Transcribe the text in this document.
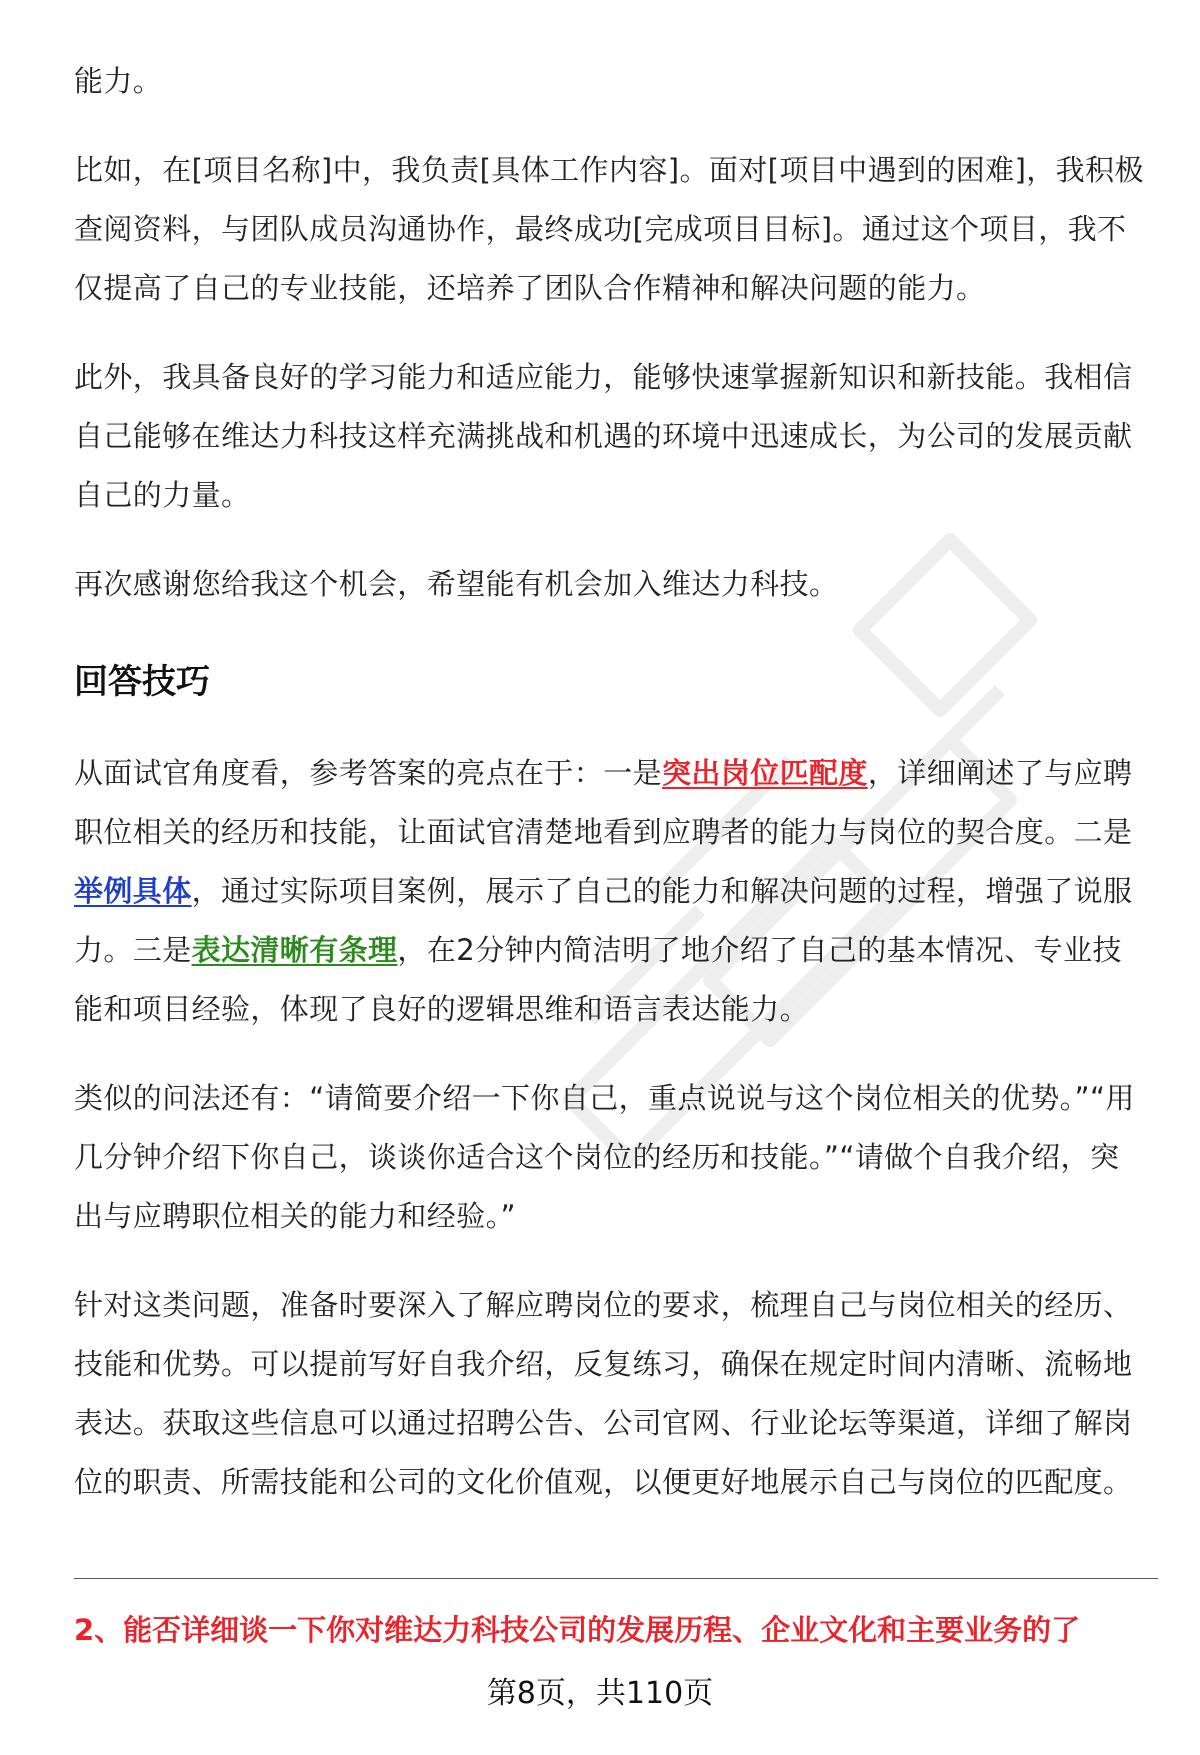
能力。

比如，在[项目名称]中，我负责[具体工作内容]。面对[项目中遇到的困难]，我积极查阅资料，与团队成员沟通协作，最终成功[完成项目目标]。通过这个项目，我不仅提高了自己的专业技能，还培养了团队合作精神和解决问题的能力。

此外，我具备良好的学习能力和适应能力，能够快速掌握新知识和新技能。我相信自己能够在维达力科技这样充满挑战和机遇的环境中迅速成长，为公司的发展贡献自己的力量。

再次感谢您给我这个机会，希望能有机会加入维达力科技。

回答技巧

从面试官角度看，参考答案的亮点在于：一是突出岗位匹配度，详细阐述了与应聘职位相关的经历和技能，让面试官清楚地看到应聘者的能力与岗位的契合度。二是举例具体，通过实际项目案例，展示了自己的能力和解决问题的过程，增强了说服力。三是表达清晰有条理，在2分钟内简洁明了地介绍了自己的基本情况、专业技能和项目经验，体现了良好的逻辑思维和语言表达能力。

类似的问法还有：“请简要介绍一下你自己，重点说说与这个岗位相关的优势。”“用几分钟介绍下你自己，谈谈你适合这个岗位的经历和技能。”“请做个自我介绍，突出与应聘职位相关的能力和经验。”

针对这类问题，准备时要深入了解应聘岗位的要求，梳理自己与岗位相关的经历、技能和优势。可以提前写好自我介绍，反复练习，确保在规定时间内清晰、流畅地表达。获取这些信息可以通过招聘公告、公司官网、行业论坛等渠道，详细了解岗位的职责、所需技能和公司的文化价值观，以便更好地展示自己与岗位的匹配度。

2、能否详细谈一下你对维达力科技公司的发展历程、企业文化和主要业务的了
第8页，共110页
